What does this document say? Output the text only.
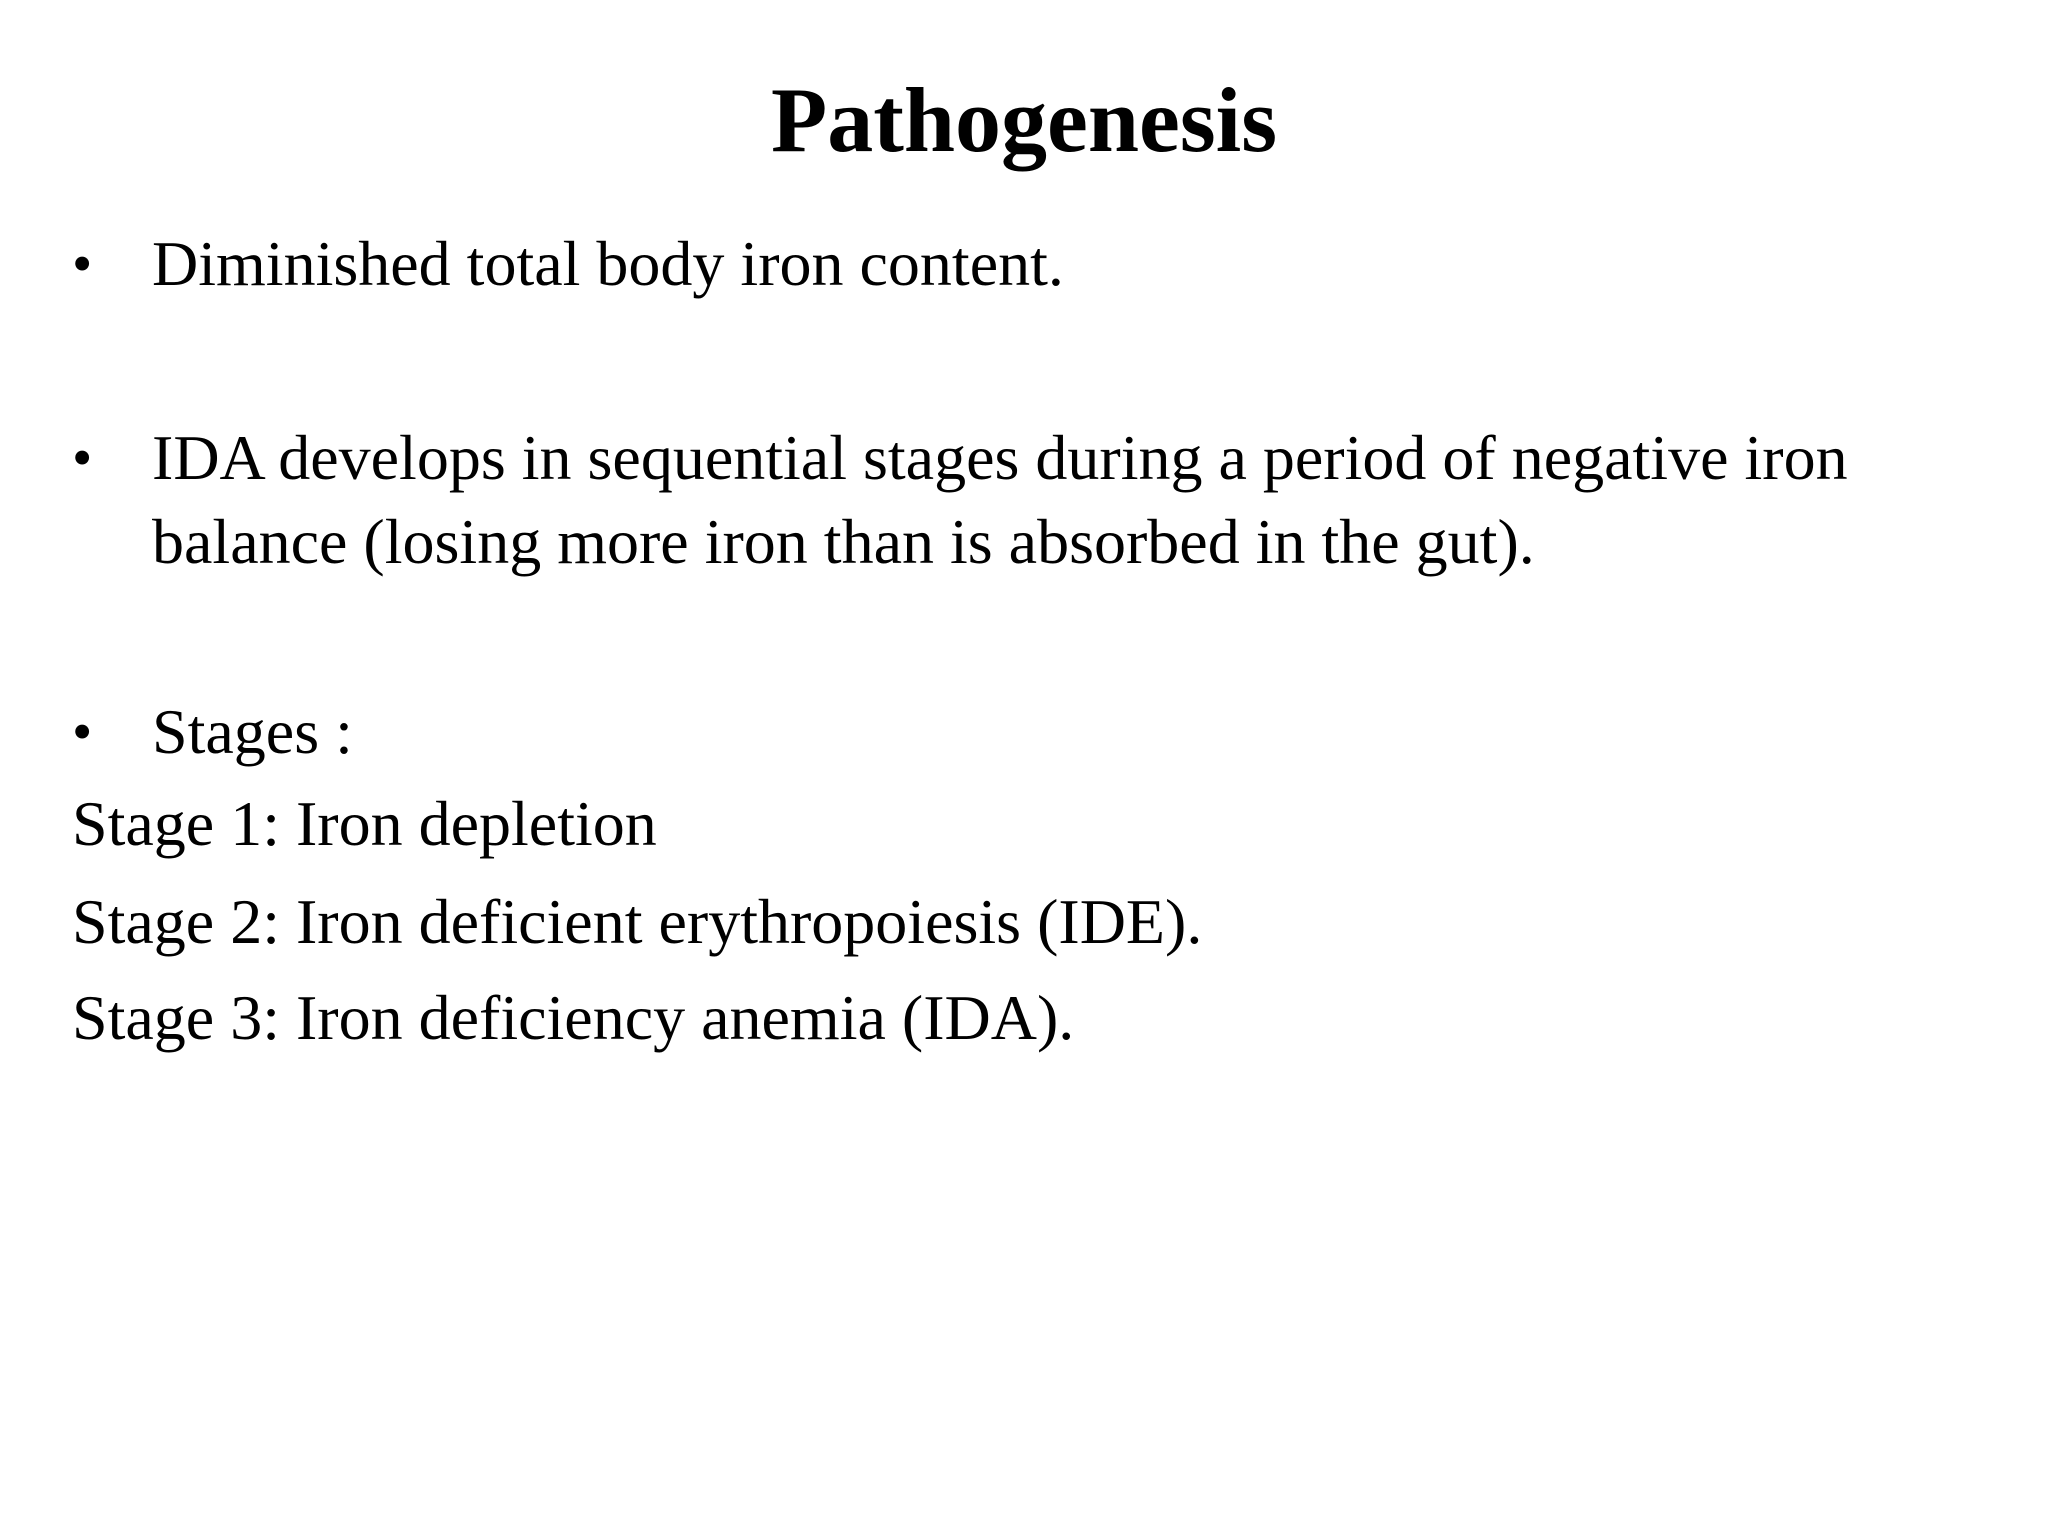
Pathogenesis
• Diminished total body iron content.
• IDA develops in sequential stages during a period of negative iron balance (losing more iron than is absorbed in the gut).
• Stages :
Stage 1: Iron depletion
Stage 2: Iron deficient erythropoiesis (IDE).
Stage 3: Iron deficiency anemia (IDA).
